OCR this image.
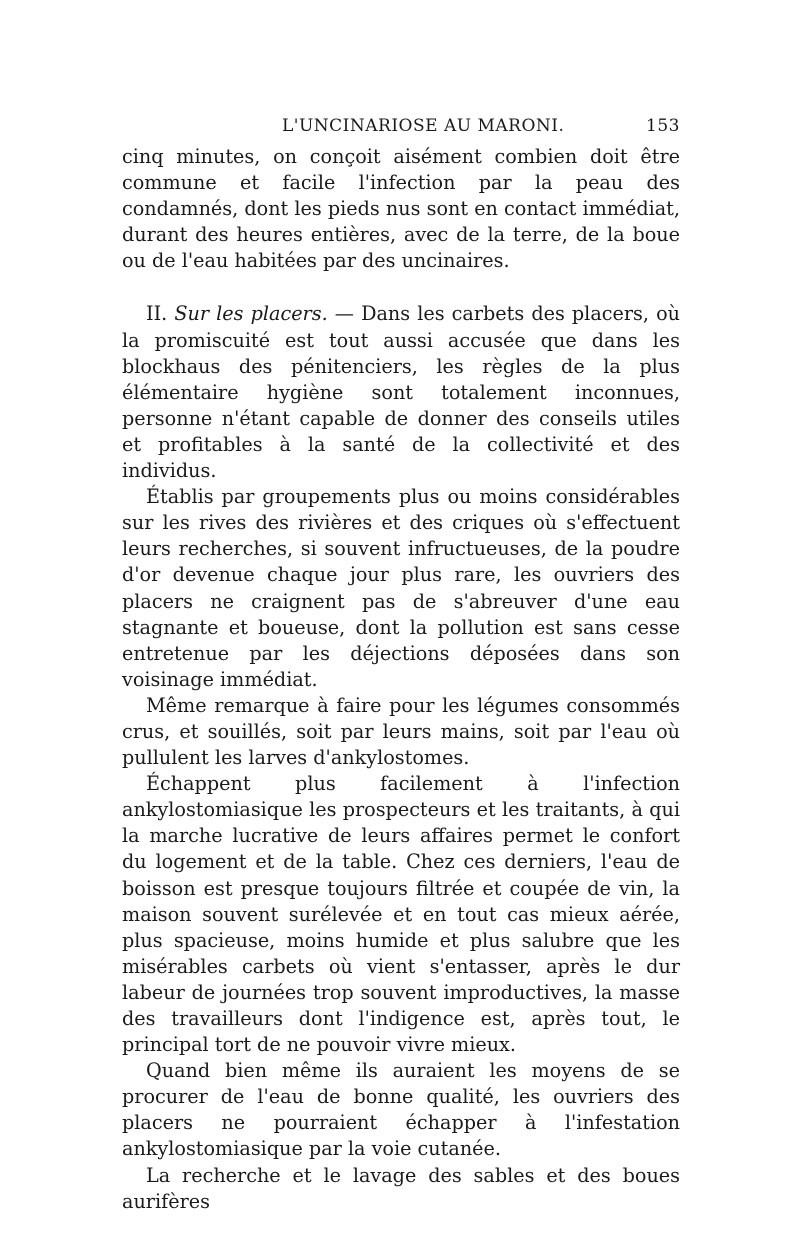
L'UNCINARIOSE AU MARONI.	153

cinq minutes, on conçoit aisément combien doit être commune et facile l'infection par la peau des condamnés, dont les pieds nus sont en contact immédiat, durant des heures entières, avec de la terre, de la boue ou de l'eau habitées par des uncinaires.

II. Sur les placers. — Dans les carbets des placers, où la promiscuité est tout aussi accusée que dans les blockhaus des pénitenciers, les règles de la plus élémentaire hygiène sont totalement inconnues, personne n'étant capable de donner des conseils utiles et profitables à la santé de la collectivité et des individus.

Établis par groupements plus ou moins considérables sur les rives des rivières et des criques où s'effectuent leurs recherches, si souvent infructueuses, de la poudre d'or devenue chaque jour plus rare, les ouvriers des placers ne craignent pas de s'abreuver d'une eau stagnante et boueuse, dont la pollution est sans cesse entretenue par les déjections déposées dans son voisinage immédiat.

Même remarque à faire pour les légumes consommés crus, et souillés, soit par leurs mains, soit par l'eau où pullulent les larves d'ankylostomes.

Échappent plus facilement à l'infection ankylostomiasique les prospecteurs et les traitants, à qui la marche lucrative de leurs affaires permet le confort du logement et de la table. Chez ces derniers, l'eau de boisson est presque toujours filtrée et coupée de vin, la maison souvent surélevée et en tout cas mieux aérée, plus spacieuse, moins humide et plus salubre que les misérables carbets où vient s'entasser, après le dur labeur de journées trop souvent improductives, la masse des travailleurs dont l'indigence est, après tout, le principal tort de ne pouvoir vivre mieux.

Quand bien même ils auraient les moyens de se procurer de l'eau de bonne qualité, les ouvriers des placers ne pourraient échapper à l'infestation ankylostomiasique par la voie cutanée.

La recherche et le lavage des sables et des boues aurifères
